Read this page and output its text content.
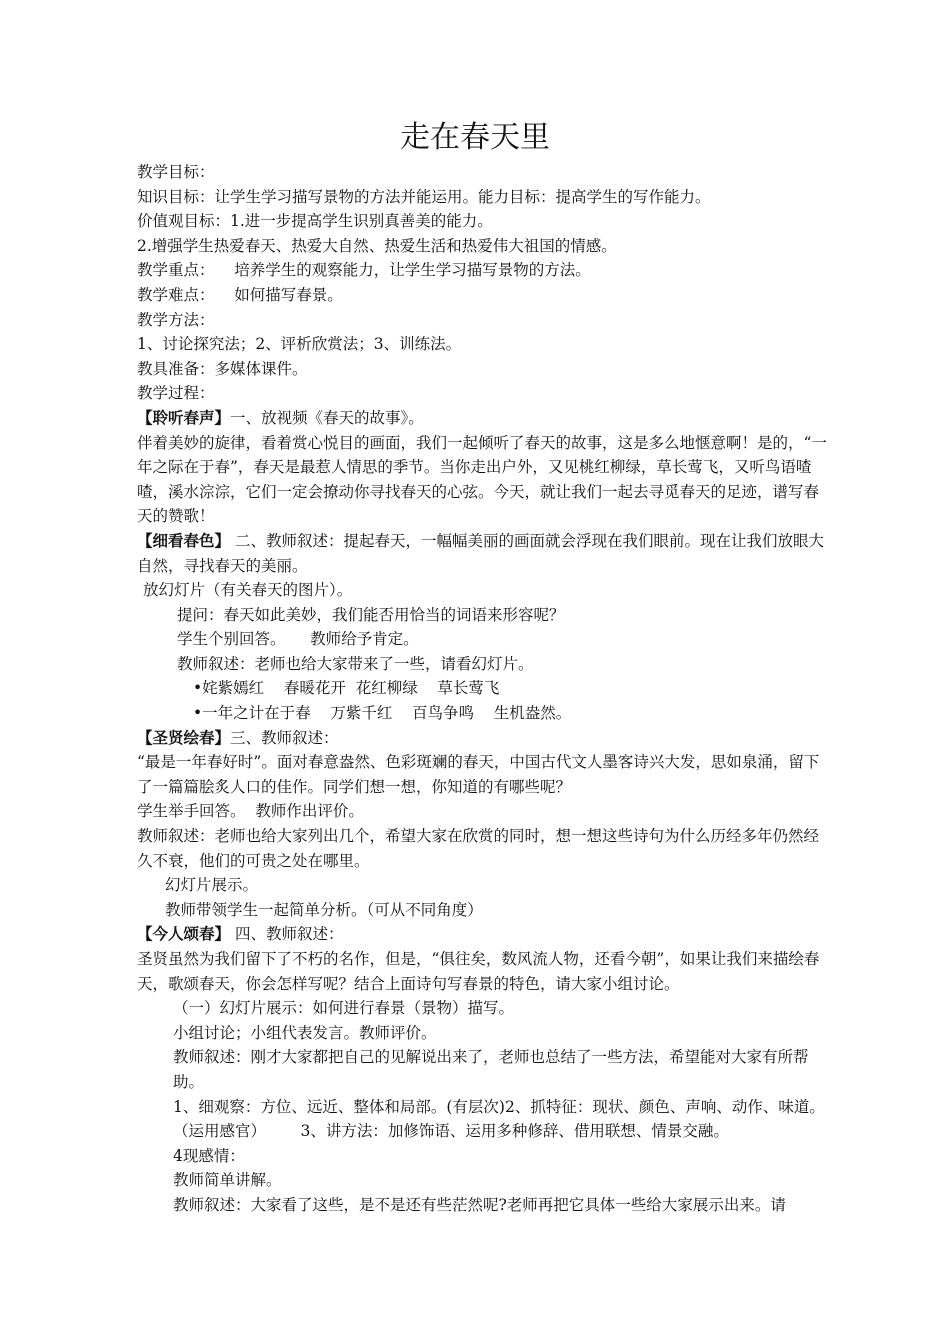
走在春天里
教学目标：
知识目标：让学生学习描写景物的方法并能运用。能力目标：提高学生的写作能力。
价值观目标：1.进一步提高学生识别真善美的能力。
2.增强学生热爱春天、热爱大自然、热爱生活和热爱伟大祖国的情感。
教学重点：    培养学生的观察能力，让学生学习描写景物的方法。
教学难点：    如何描写春景。
教学方法：
1、讨论探究法；2、评析欣赏法；3、训练法。
教具准备：多媒体课件。
教学过程：
【聆听春声】一、放视频《春天的故事》。
伴着美妙的旋律，看着赏心悦目的画面，我们一起倾听了春天的故事，这是多么地惬意啊！是的，“一年之际在于春”，春天是最惹人情思的季节。当你走出户外，又见桃红柳绿，草长莺飞，又听鸟语喳喳，溪水淙淙，它们一定会撩动你寻找春天的心弦。今天，就让我们一起去寻觅春天的足迹，谱写春天的赞歌！
【细看春色】 二、教师叙述：提起春天，一幅幅美丽的画面就会浮现在我们眼前。现在让我们放眼大自然，寻找春天的美丽。
放幻灯片（有关春天的图片）。
提问：春天如此美妙，我们能否用恰当的词语来形容呢？
学生个别回答。     教师给予肯定。
教师叙述：老师也给大家带来了一些，请看幻灯片。
•姹紫嫣红    春暖花开  花红柳绿    草长莺飞
•一年之计在于春    万紫千红    百鸟争鸣    生机盎然。
【圣贤绘春】三、教师叙述：
“最是一年春好时”。面对春意盎然、色彩斑斓的春天，中国古代文人墨客诗兴大发，思如泉涌，留下了一篇篇脍炙人口的佳作。同学们想一想，你知道的有哪些呢？
学生举手回答。  教师作出评价。
教师叙述：老师也给大家列出几个，希望大家在欣赏的同时，想一想这些诗句为什么历经多年仍然经久不衰，他们的可贵之处在哪里。
幻灯片展示。
教师带领学生一起简单分析。（可从不同角度）
【今人颂春】 四、教师叙述：
圣贤虽然为我们留下了不朽的名作，但是，“俱往矣，数风流人物，还看今朝”，如果让我们来描绘春天，歌颂春天，你会怎样写呢？结合上面诗句写春景的特色，请大家小组讨论。
（一）幻灯片展示：如何进行春景（景物）描写。
小组讨论；小组代表发言。教师评价。
教师叙述：刚才大家都把自己的见解说出来了，老师也总结了一些方法，希望能对大家有所帮助。
1、细观察：方位、远近、整体和局部。(有层次)2、抓特征：现状、颜色、声响、动作、味道。
（运用感官）       3、讲方法：加修饰语、运用多种修辞、借用联想、情景交融。
4现感情：
教师简单讲解。
教师叙述：大家看了这些，是不是还有些茫然呢?老师再把它具体一些给大家展示出来。请
